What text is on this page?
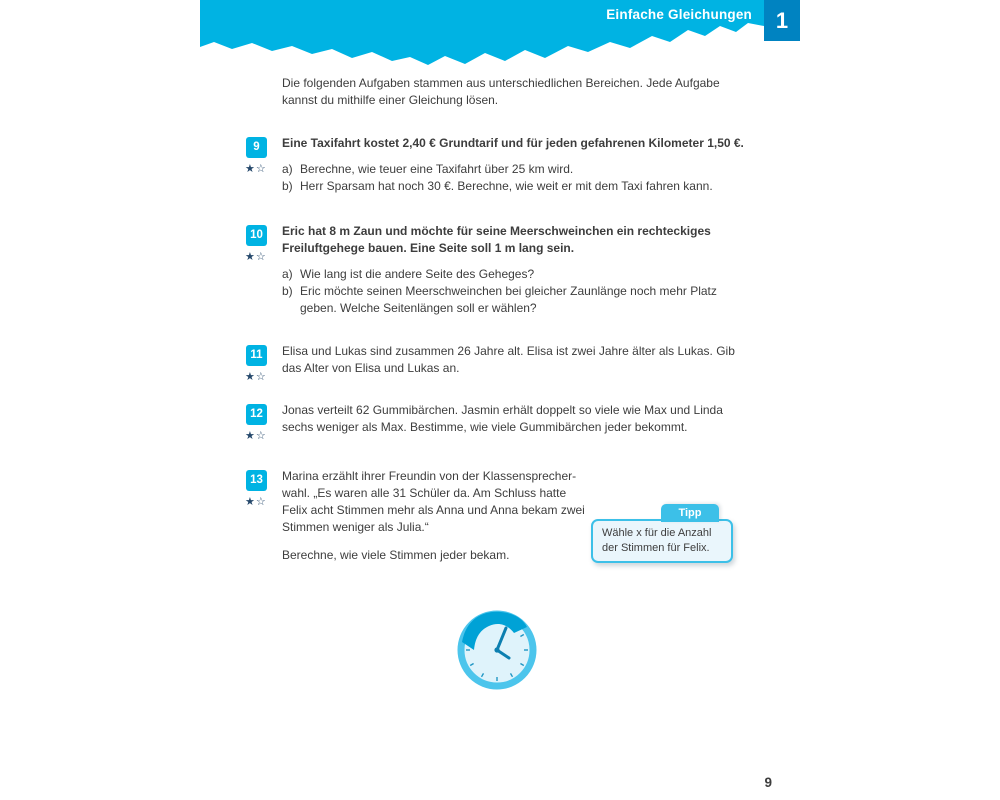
Einfache Gleichungen 1

Die folgenden Aufgaben stammen aus unterschiedlichen Bereichen. Jede Aufgabe kannst du mithilfe einer Gleichung lösen.

9
★☆

Eine Taxifahrt kostet 2,40 € Grundtarif und für jeden gefahrenen Kilometer 1,50 €.

a) Berechne, wie teuer eine Taxifahrt über 25 km wird.
b) Herr Sparsam hat noch 30 €. Berechne, wie weit er mit dem Taxi fahren kann.
10
★☆

Eric hat 8 m Zaun und möchte für seine Meerschweinchen ein rechteckiges Freiluftgehege bauen. Eine Seite soll 1 m lang sein.

a) Wie lang ist die andere Seite des Geheges?
b) Eric möchte seinen Meerschweinchen bei gleicher Zaunlänge noch mehr Platz geben. Welche Seitenlängen soll er wählen?
11
★☆

Elisa und Lukas sind zusammen 26 Jahre alt. Elisa ist zwei Jahre älter als Lukas. Gib das Alter von Elisa und Lukas an.

12
★☆

Jonas verteilt 62 Gummibärchen. Jasmin erhält doppelt so viele wie Max und Linda sechs weniger als Max. Bestimme, wie viele Gummibärchen jeder bekommt.

13
★☆

Marina erzählt ihrer Freundin von der Klassensprecherwahl. „Es waren alle 31 Schüler da. Am Schluss hatte Felix acht Stimmen mehr als Anna und Anna bekam zwei Stimmen weniger als Julia.“

Berechne, wie viele Stimmen jeder bekam.

Tipp
Wähle x für die Anzahl der Stimmen für Felix.
9
